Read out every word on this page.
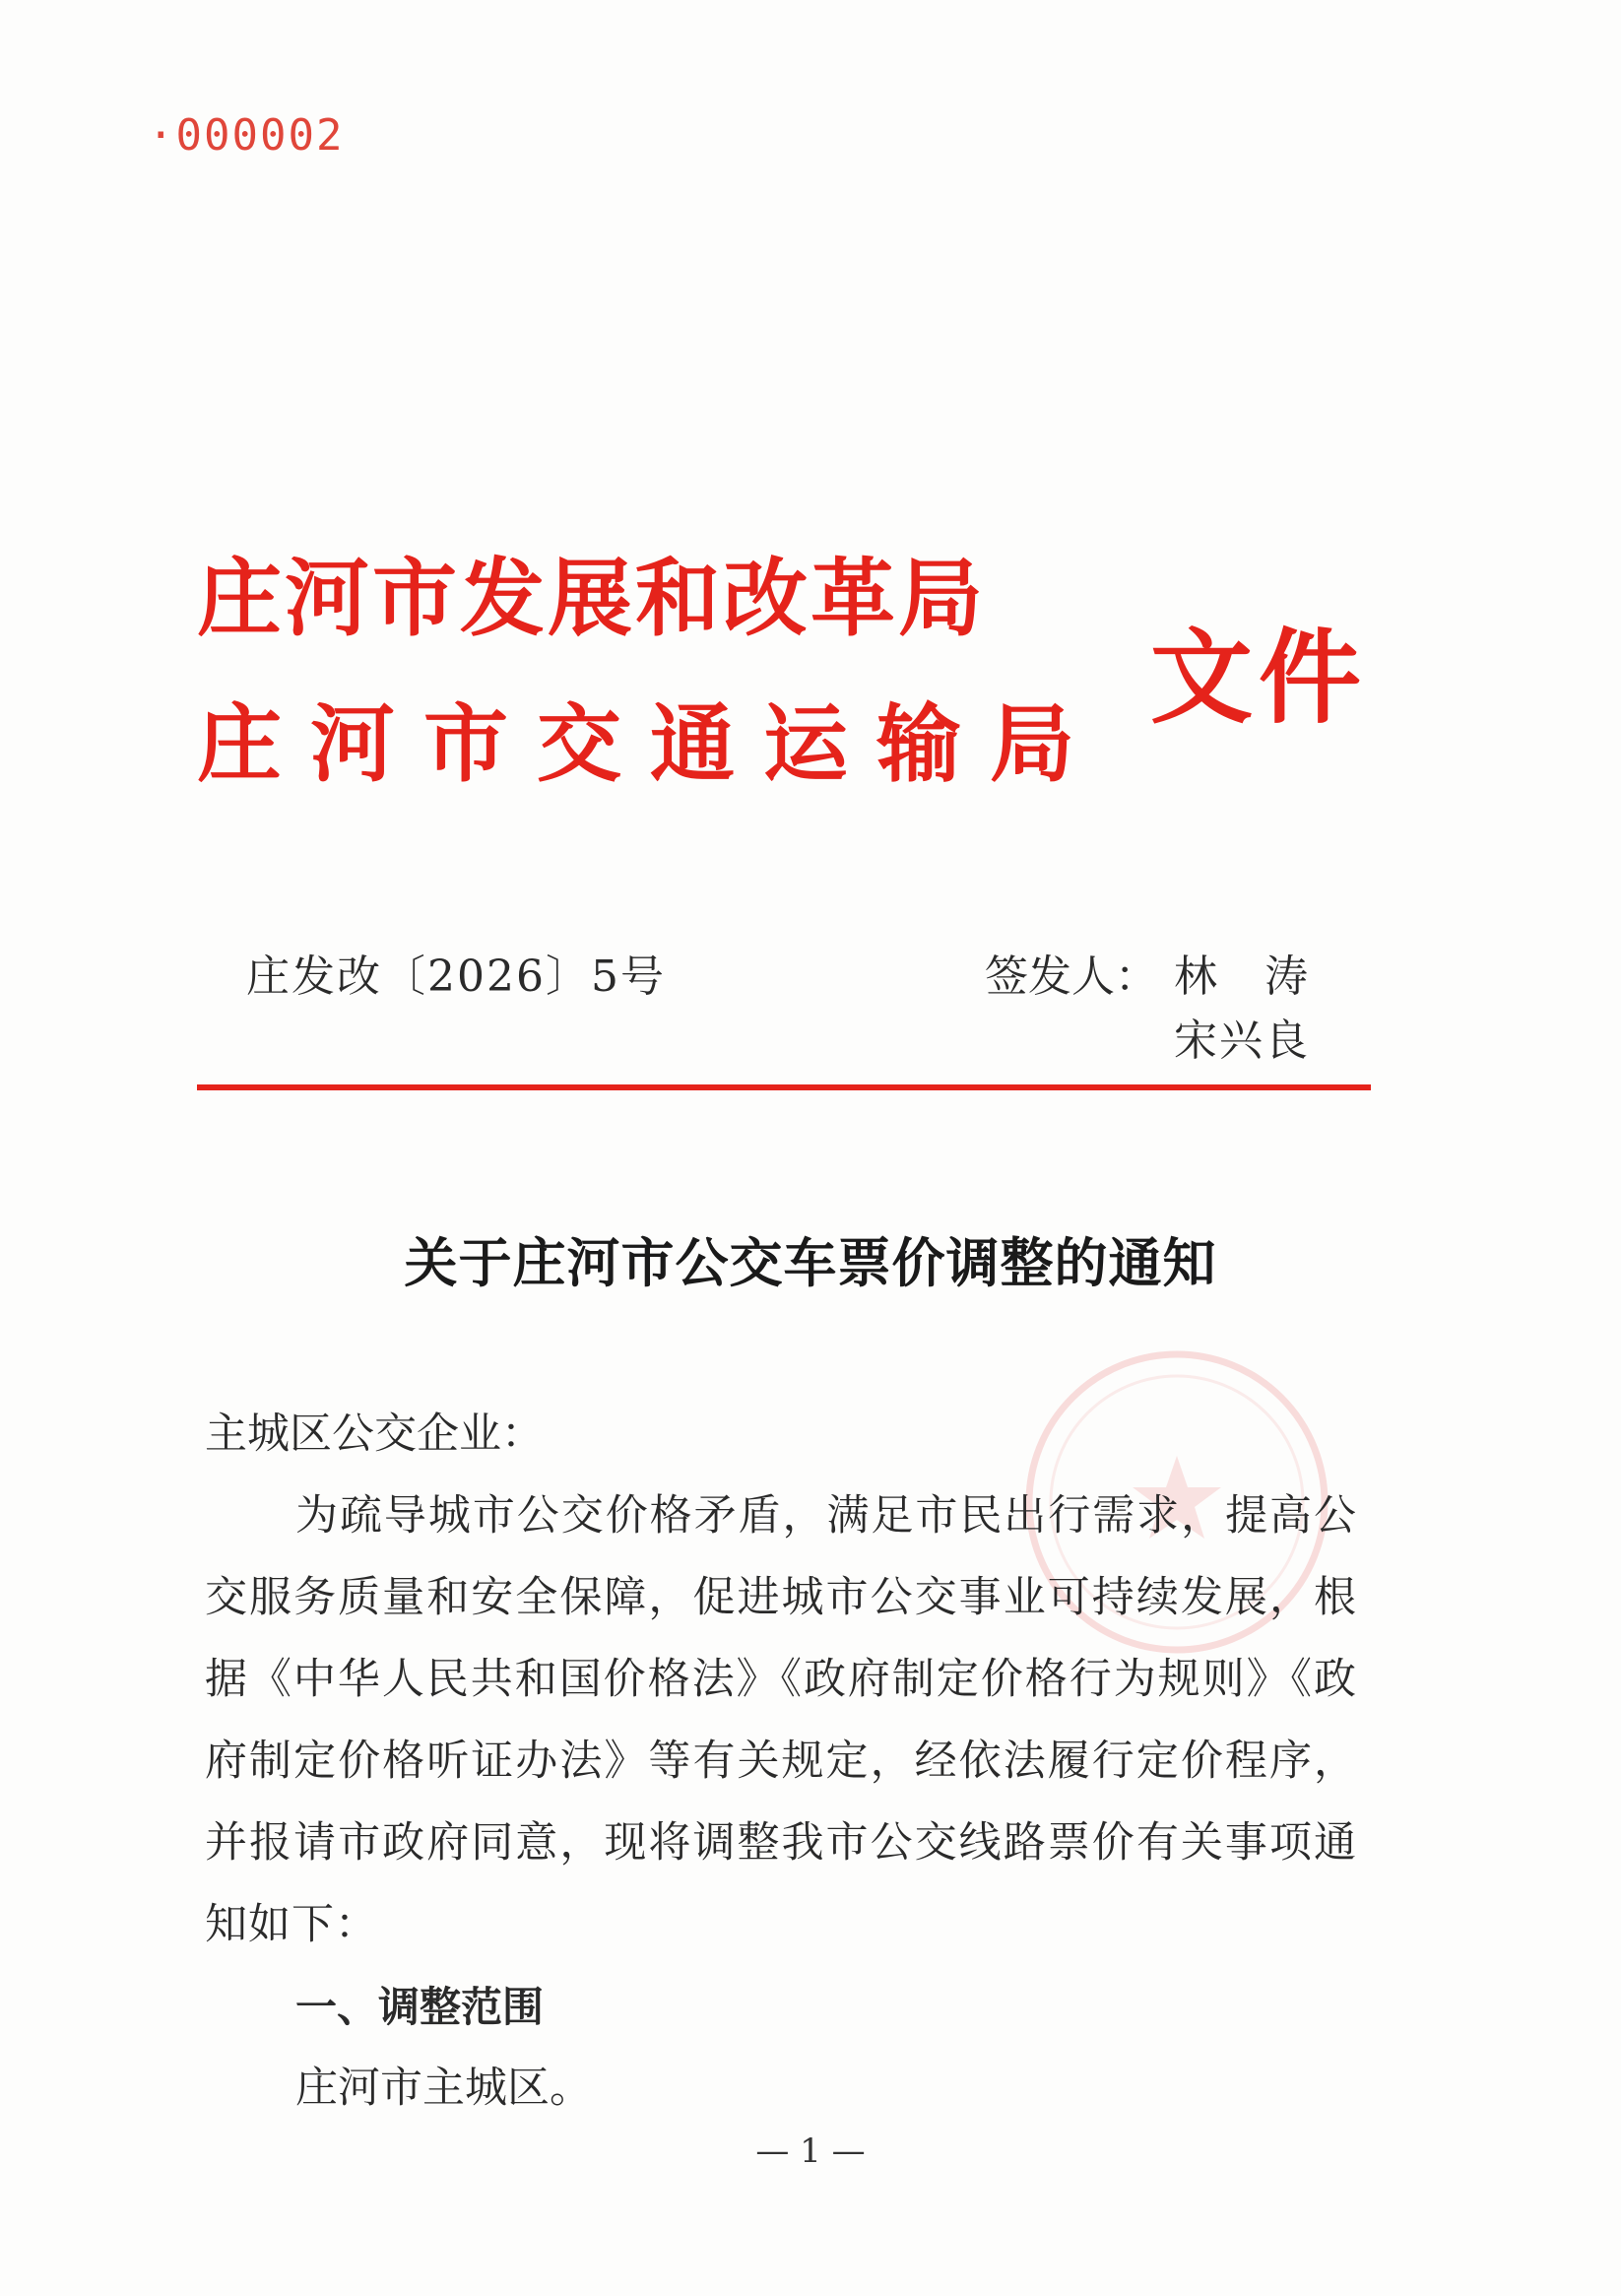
·000002
庄河市发展和改革局
庄河市交通运输局
文件
庄发改〔2026〕5号	签发人： 林涛
宋兴良
关于庄河市公交车票价调整的通知

主城区公交企业：

为疏导城市公交价格矛盾，满足市民出行需求，提高公交服务质量和安全保障，促进城市公交事业可持续发展，根据《中华人民共和国价格法》《政府制定价格行为规则》《政府制定价格听证办法》等有关规定，经依法履行定价程序，并报请市政府同意，现将调整我市公交线路票价有关事项通知如下：

一、调整范围

庄河市主城区。

— 1 —
